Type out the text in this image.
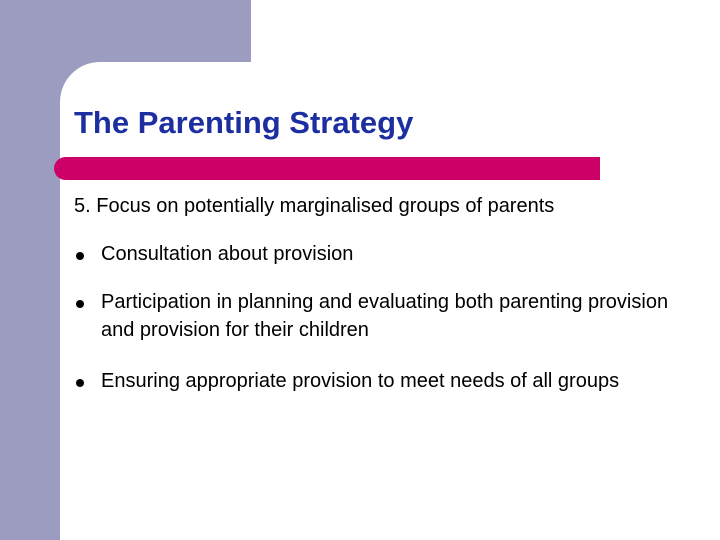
The Parenting Strategy
5. Focus on potentially marginalised groups of parents
Consultation about provision
Participation in planning and evaluating both parenting provision and provision for their children
Ensuring appropriate provision to meet needs of all groups
